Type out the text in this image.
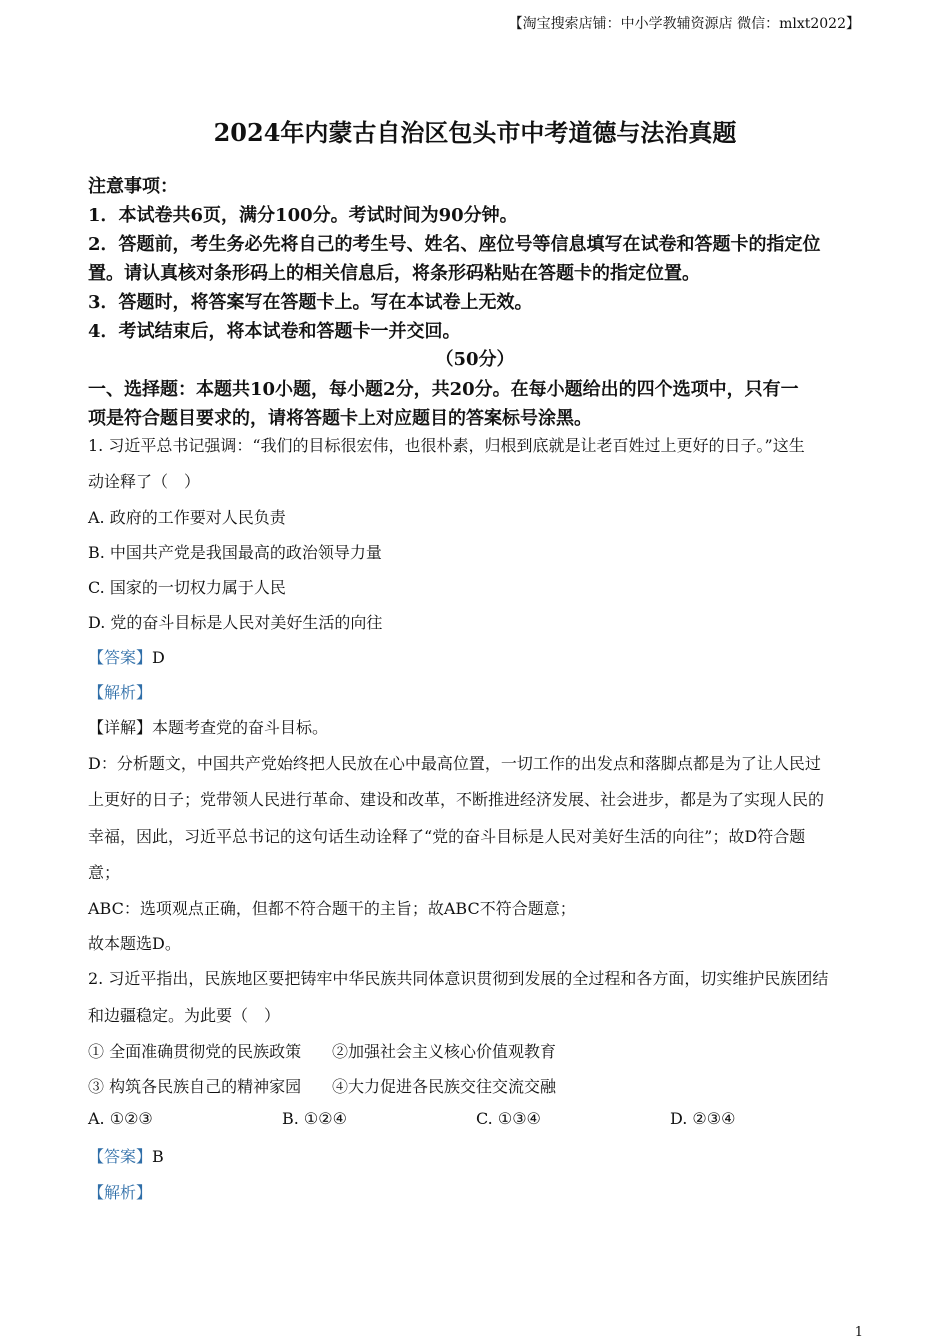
【淘宝搜索店铺：中小学教辅资源店 微信：mlxt2022】
2024年内蒙古自治区包头市中考道德与法治真题
注意事项：
1．本试卷共6页，满分100分。考试时间为90分钟。
2．答题前，考生务必先将自己的考生号、姓名、座位号等信息填写在试卷和答题卡的指定位
置。请认真核对条形码上的相关信息后，将条形码粘贴在答题卡的指定位置。
3．答题时，将答案写在答题卡上。写在本试卷上无效。
4．考试结束后，将本试卷和答题卡一并交回。
（50分）
一、选择题：本题共10小题，每小题2分，共20分。在每小题给出的四个选项中，只有一
项是符合题目要求的，请将答题卡上对应题目的答案标号涂黑。
1. 习近平总书记强调：“我们的目标很宏伟，也很朴素，归根到底就是让老百姓过上更好的日子。”这生
动诠释了（　）
A. 政府的工作要对人民负责
B. 中国共产党是我国最高的政治领导力量
C. 国家的一切权力属于人民
D. 党的奋斗目标是人民对美好生活的向往
【答案】D
【解析】
【详解】本题考查党的奋斗目标。
D：分析题文，中国共产党始终把人民放在心中最高位置，一切工作的出发点和落脚点都是为了让人民过
上更好的日子；党带领人民进行革命、建设和改革，不断推进经济发展、社会进步，都是为了实现人民的
幸福，因此，习近平总书记的这句话生动诠释了“党的奋斗目标是人民对美好生活的向往”；故D符合题
意；
ABC：选项观点正确，但都不符合题干的主旨；故ABC不符合题意；
故本题选D。
2. 习近平指出，民族地区要把铸牢中华民族共同体意识贯彻到发展的全过程和各方面，切实维护民族团结
和边疆稳定。为此要（　）
① 全面准确贯彻党的民族政策 ②加强社会主义核心价值观教育
③ 构筑各民族自己的精神家园 ④大力促进各民族交往交流交融
A. ①②③	B. ①②④	C. ①③④	D. ②③④
【答案】B
【解析】
1
